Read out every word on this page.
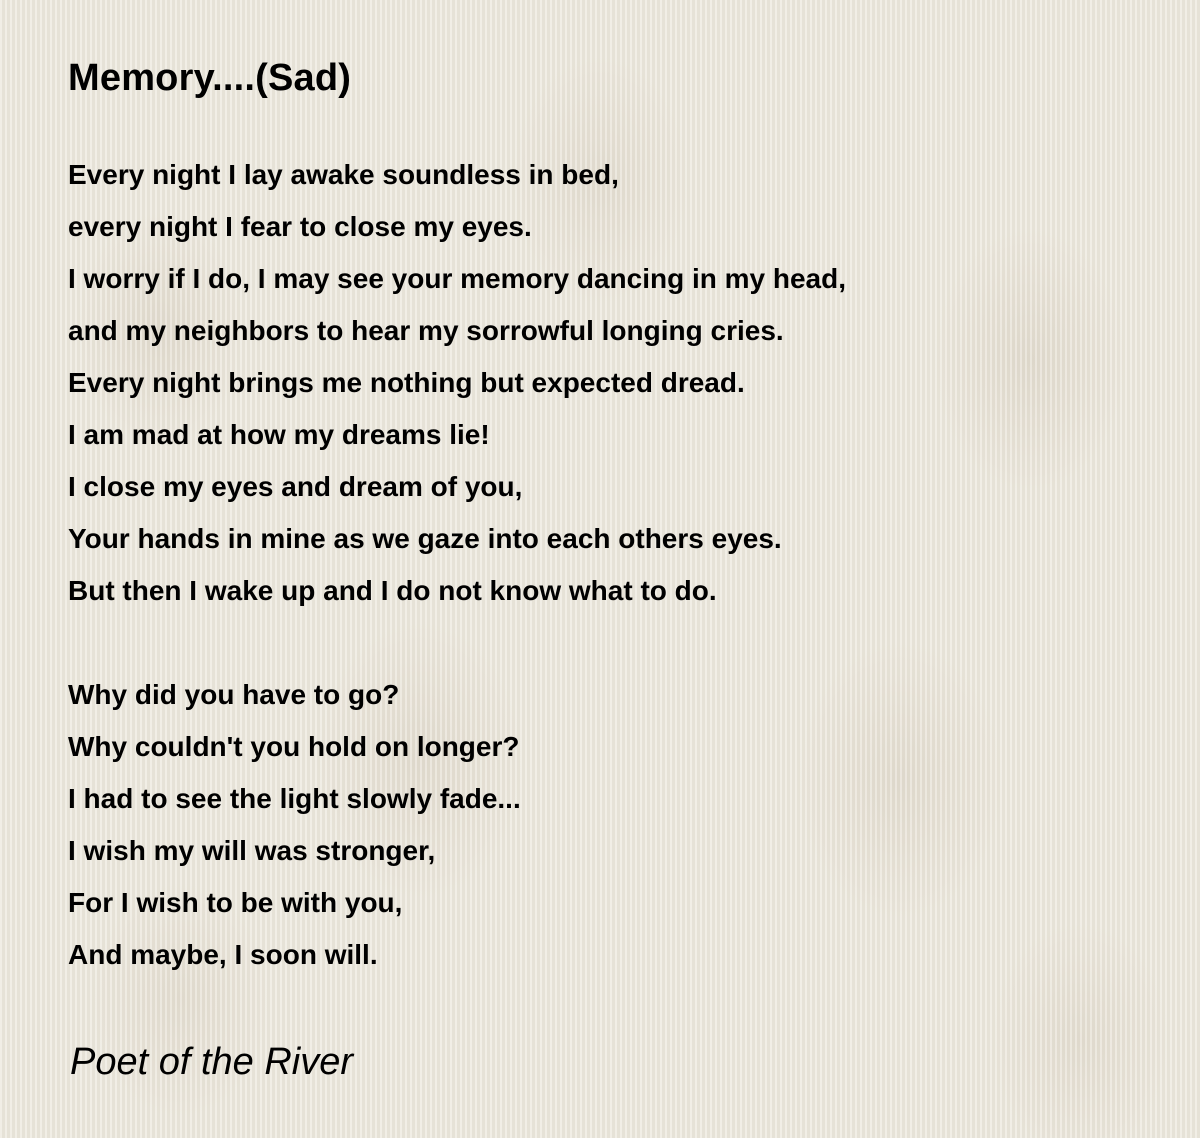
Memory....(Sad)
Every night I lay awake soundless in bed,
every night I fear to close my eyes.
I worry if I do, I may see your memory dancing in my head,
and my neighbors to hear my sorrowful longing cries.
Every night brings me nothing but expected dread.
I am mad at how my dreams lie!
I close my eyes and dream of you,
Your hands in mine as we gaze into each others eyes.
But then I wake up and I do not know what to do.
Why did you have to go?
Why couldn't you hold on longer?
I had to see the light slowly fade...
I wish my will was stronger,
For I wish to be with you,
And maybe, I soon will.

Poet of the River
